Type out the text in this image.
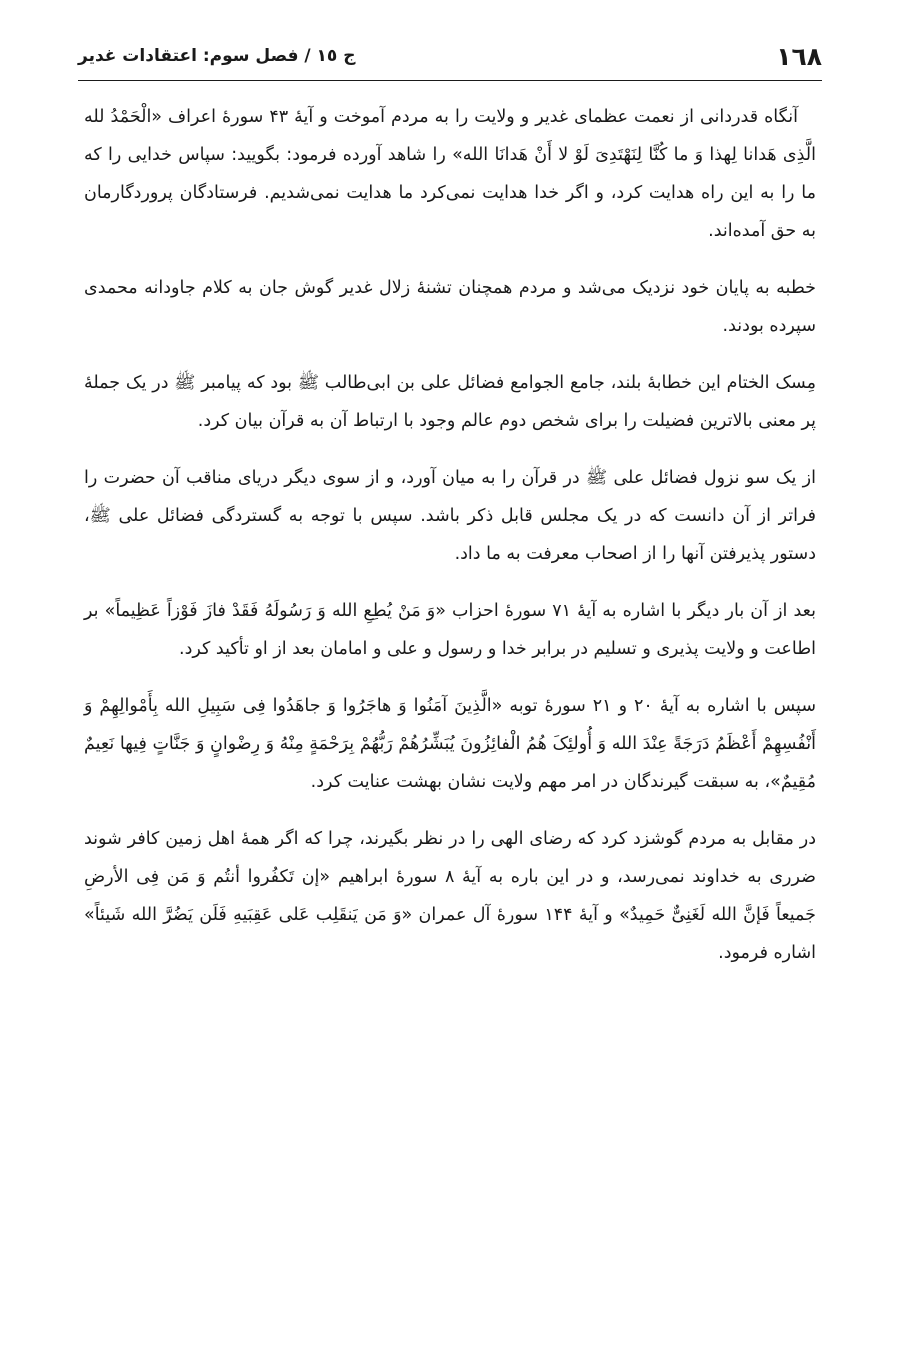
١٦٨
ج ١٥ / فصل سوم: اعتقادات غدیر

آنگاه قدردانی از نعمت عظمای غدیر و ولایت را به مردم آموخت و آیهٔ ۴۳ سورهٔ اعراف «الْحَمْدُ لله الَّذِی هَدانا لِهذا وَ ما کُنَّا لِنَهْتَدِیَ لَوْ لا أَنْ هَدانَا الله» را شاهد آورده فرمود: بگویید: سپاس خدایی را که ما را به این راه هدایت کرد، و اگر خدا هدایت نمی‌کرد ما هدایت نمی‌شدیم. فرستادگان پروردگارمان به حق آمده‌اند.

خطبه به پایان خود نزدیک می‌شد و مردم همچنان تشنهٔ زلال غدیر گوش جان به کلام جاودانه محمدی سپرده بودند.

مِسک الختام این خطابهٔ بلند، جامع الجوامع فضائل علی بن ابی‌طالب ﷺ بود که پیامبر ﷺ در یک جملهٔ پر معنی بالاترین فضیلت را برای شخص دوم عالم وجود با ارتباط آن به قرآن بیان کرد.

از یک سو نزول فضائل علی ﷺ در قرآن را به میان آورد، و از سوی دیگر دریای مناقب آن حضرت را فراتر از آن دانست که در یک مجلس قابل ذکر باشد. سپس با توجه به گستردگی فضائل علی ﷺ، دستور پذیرفتن آنها را از اصحاب معرفت به ما داد.

بعد از آن بار دیگر با اشاره به آیهٔ ۷۱ سورهٔ احزاب «وَ مَنْ یُطِعِ الله وَ رَسُولَهُ فَقَدْ فازَ فَوْزاً عَظِیماً» بر اطاعت و ولایت پذیری و تسلیم در برابر خدا و رسول و علی و امامان بعد از او تأکید کرد.

سپس با اشاره به آیهٔ ۲۰ و ۲۱ سورهٔ توبه «الَّذِینَ آمَنُوا وَ هاجَرُوا وَ جاهَدُوا فِی سَبِیلِ الله بِأَمْوالِهِمْ وَ أَنْفُسِهِمْ أَعْظَمُ دَرَجَةً عِنْدَ الله وَ أُولئِکَ هُمُ الْفائِزُونَ یُبَشِّرُهُمْ رَبُّهُمْ بِرَحْمَةٍ مِنْهُ وَ رِضْوانٍ وَ جَنَّاتٍ فِیها نَعِیمٌ مُقِیمٌ»، به سبقت گیرندگان در امر مهم ولایت نشان بهشت عنایت کرد.

در مقابل به مردم گوشزد کرد که رضای الهی را در نظر بگیرند، چرا که اگر همهٔ اهل زمین کافر شوند ضرری به خداوند نمی‌رسد، و در این باره به آیهٔ ۸ سورهٔ ابراهیم «إن تَکفُروا أنتُم وَ مَن فِی الأرضِ جَمیعاً فَإنَّ الله لَغَنِیٌّ حَمِیدٌ» و آیهٔ ۱۴۴ سورهٔ آل عمران «وَ مَن یَنقَلِب عَلی عَقِبَیهِ فَلَن یَضُرَّ الله شَیئاً» اشاره فرمود.
